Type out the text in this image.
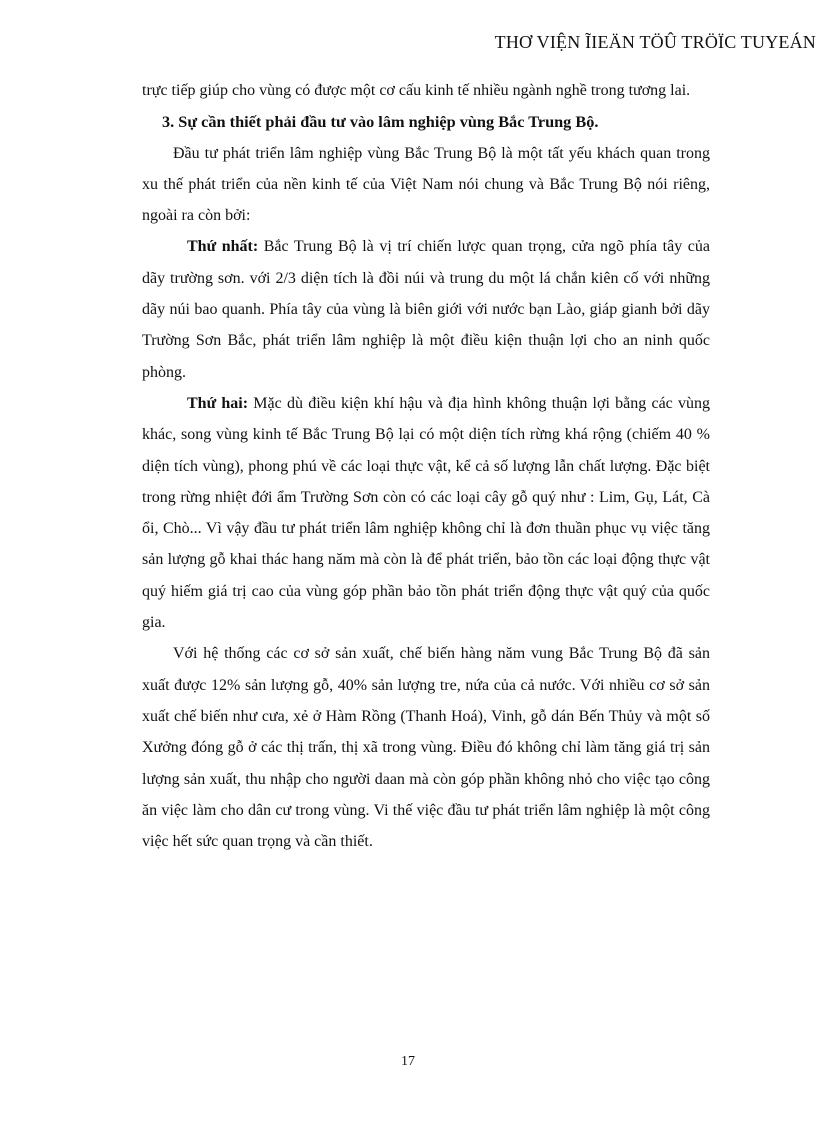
THƠ VIỆN ĨIEÄN TÖÛ TRÖÏC TUYEÁN

trực tiếp giúp cho vùng có được một cơ cấu kinh tế nhiều ngành nghề trong tương lai.

3. Sự cần thiết phải đầu tư vào lâm nghiệp vùng Bắc Trung Bộ.

Đầu tư phát triển lâm nghiệp vùng Bắc Trung Bộ là một tất yếu khách quan trong xu thế phát triển của nền kinh tế của Việt Nam nói chung và Bắc Trung Bộ nói riêng, ngoài ra còn bởi:

Thứ nhất: Bắc Trung Bộ là vị trí chiến lược quan trọng, cửa ngõ phía tây của dãy trường sơn. với 2/3 diện tích là đồi núi và trung du một lá chắn kiên cố với những dãy núi bao quanh. Phía tây của vùng là biên giới với nước bạn Lào, giáp gianh bởi dãy Trường Sơn Bắc, phát triển lâm nghiệp là một điều kiện thuận lợi cho an ninh quốc phòng.

Thứ hai: Mặc dù điều kiện khí hậu và địa hình không thuận lợi bằng các vùng khác, song vùng kinh tế Bắc Trung Bộ lại có một diện tích rừng khá rộng (chiếm 40 % diện tích vùng), phong phú về các loại thực vật, kể cả số lượng lẫn chất lượng. Đặc biệt trong rừng nhiệt đới ẩm Trường Sơn còn có các loại cây gỗ quý như : Lim, Gụ, Lát, Cà ổi, Chò... Vì vậy đầu tư phát triển lâm nghiệp không chỉ là đơn thuần phục vụ việc tăng sản lượng gỗ khai thác hang năm mà còn là để phát triển, bảo tồn các loại động thực vật quý hiếm giá trị cao của vùng góp phần bảo tồn phát triển động thực vật quý của quốc gia.

Với hệ thống các cơ sở sản xuất, chế biến hàng năm vung Bắc Trung Bộ đã sản xuất được 12% sản lượng gỗ, 40% sản lượng tre, nứa của cả nước. Với nhiều cơ sở sản xuất chế biến như cưa, xẻ ở Hàm Rồng (Thanh Hoá), Vinh, gỗ dán Bến Thủy và một số Xưởng đóng gỗ ở các thị trấn, thị xã trong vùng. Điều đó không chỉ làm tăng giá trị sản lượng sản xuất, thu nhập cho người daan mà còn góp phần không nhỏ cho việc tạo công ăn việc làm cho dân cư trong vùng. Vi thế việc đầu tư phát triển lâm nghiệp là một công việc hết sức quan trọng và cần thiết.

17
